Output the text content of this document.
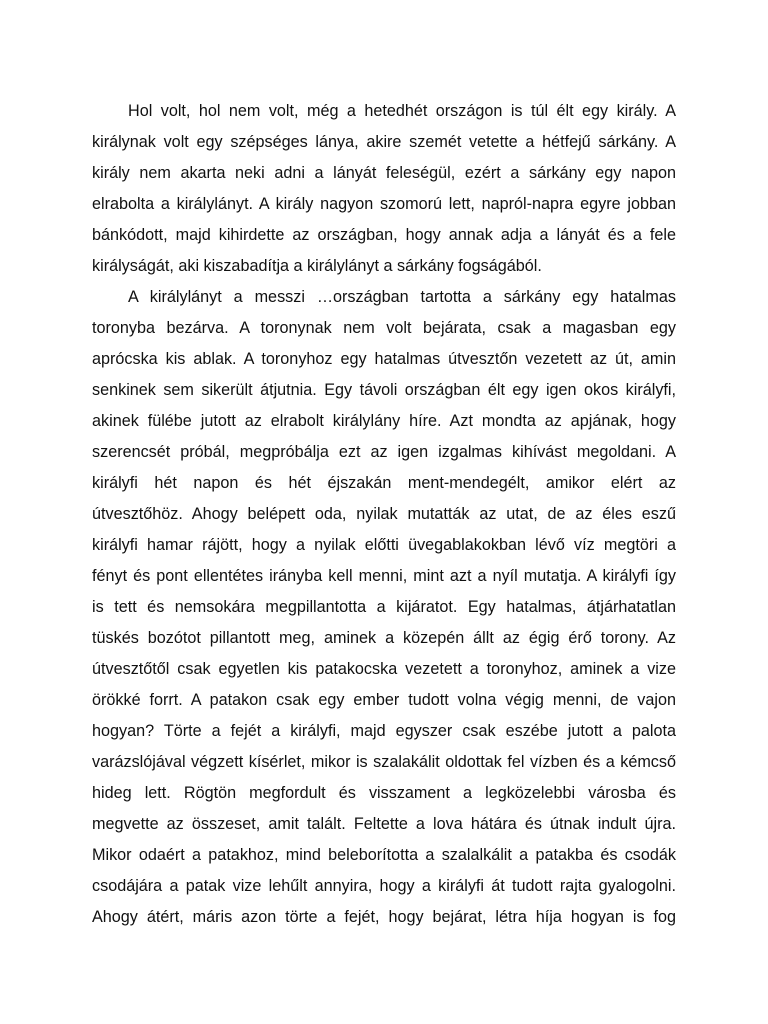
Hol volt, hol nem volt, még a hetedhét országon is túl élt egy király. A
királynak volt egy szépséges lánya, akire szemét vetette a hétfejű sárkány. A
király nem akarta neki adni a lányát feleségül, ezért a sárkány egy napon
elrabolta a királylányt. A király nagyon szomorú lett, napról-napra egyre jobban
bánkódott, majd kihirdette az országban, hogy annak adja a lányát és a fele
királyságát, aki kiszabadítja a királylányt a sárkány fogságából.
A királylányt a messzi …országban tartotta a sárkány egy hatalmas
toronyba bezárva. A toronynak nem volt bejárata, csak a magasban egy
aprócska kis ablak. A toronyhoz egy hatalmas útvesztőn vezetett az út, amin
senkinek sem sikerült átjutnia. Egy távoli országban élt egy igen okos királyfi,
akinek fülébe jutott az elrabolt királylány híre. Azt mondta az apjának, hogy
szerencsét próbál, megpróbálja ezt az igen izgalmas kihívást megoldani. A
királyfi hét napon és hét éjszakán ment-mendegélt, amikor elért az
útvesztőhöz. Ahogy belépett oda, nyilak mutatták az utat, de az éles eszű
királyfi hamar rájött, hogy a nyilak előtti üvegablakokban lévő víz megtöri a
fényt és pont ellentétes irányba kell menni, mint azt a nyíl mutatja. A királyfi így
is tett és nemsokára megpillantotta a kijáratot. Egy hatalmas, átjárhatatlan
tüskés bozótot pillantott meg, aminek a közepén állt az égig érő torony. Az
útvesztőtől csak egyetlen kis patakocska vezetett a toronyhoz, aminek a vize
örökké forrt. A patakon csak egy ember tudott volna végig menni, de vajon
hogyan? Törte a fejét a királyfi, majd egyszer csak eszébe jutott a palota
varázslójával végzett kísérlet, mikor is szalakálit oldottak fel vízben és a kémcső
hideg lett. Rögtön megfordult és visszament a legközelebbi városba és
megvette az összeset, amit talált. Feltette a lova hátára és útnak indult újra.
Mikor odaért a patakhoz, mind beleborította a szalalkálit a patakba és csodák
csodájára a patak vize lehűlt annyira, hogy a királyfi át tudott rajta gyalogolni.
Ahogy átért, máris azon törte a fejét, hogy bejárat, létra híja hogyan is fog
